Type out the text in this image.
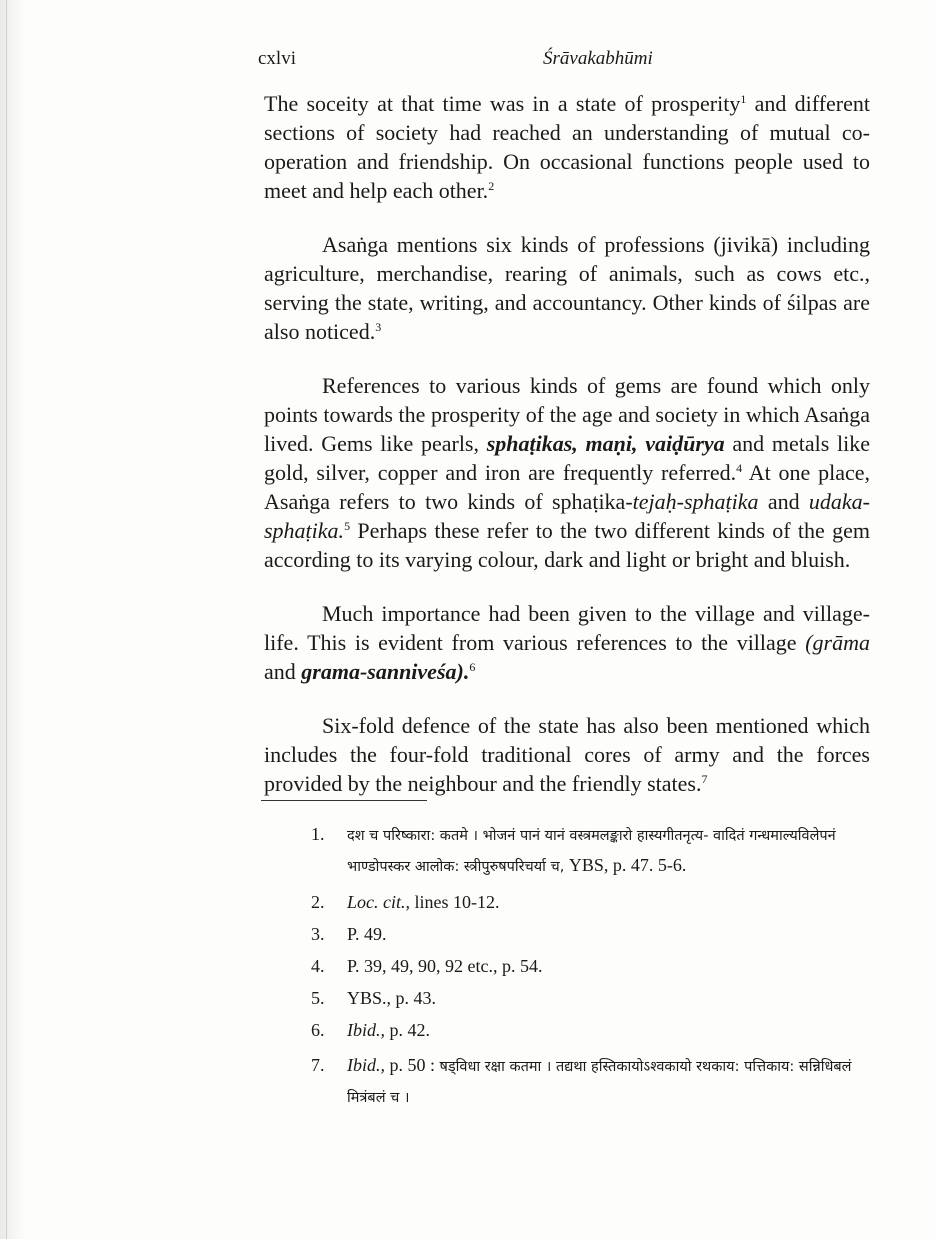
cxlvi	Śrāvakabhūmi

The soceity at that time was in a state of prosperity$^1$ and different sections of society had reached an understanding of mutual co-operation and friendship. On occasional functions people used to meet and help each other.$^2$

Asaṅga mentions six kinds of professions (jivikā) including agriculture, merchandise, rearing of animals, such as cows etc., serving the state, writing, and accountancy. Other kinds of śilpas are also noticed.$^3$

References to various kinds of gems are found which only points towards the prosperity of the age and society in which Asaṅga lived. Gems like pearls, sphaṭikas, maṇi, vaiḍūrya and metals like gold, silver, copper and iron are frequently referred.$^4$ At one place, Asaṅga refers to two kinds of sphaṭika-tejaḥ-sphaṭika and udaka-sphaṭika.$^5$ Perhaps these refer to the two different kinds of the gem according to its varying colour, dark and light or bright and bluish.

Much importance had been given to the village and village-life. This is evident from various references to the village (grāma and grama-sanniveśa).$^6$

Six-fold defence of the state has also been mentioned which includes the four-fold traditional cores of army and the forces provided by the neighbour and the friendly states.$^7$

1. दश च परिष्कारा: कतमे । भोजनं पानं यानं वस्त्रमलङ्कारो हास्यगीतनृत्य- वादितं गन्धमाल्यविलेपनं भाण्डोपस्कर आलोक: स्त्रीपुरुषपरिचर्या च, YBS, p. 47. 5-6.
2. Loc. cit., lines 10-12.
3. P. 49.
4. P. 39, 49, 90, 92 etc., p. 54.
5. YBS., p. 43.
6. Ibid., p. 42.
7. Ibid., p. 50 : षड्विधा रक्षा कतमा । तद्यथा हस्तिकायोऽश्वकायो रथकाय: पत्तिकाय: सन्निधिबलं मित्रंबलं च ।
